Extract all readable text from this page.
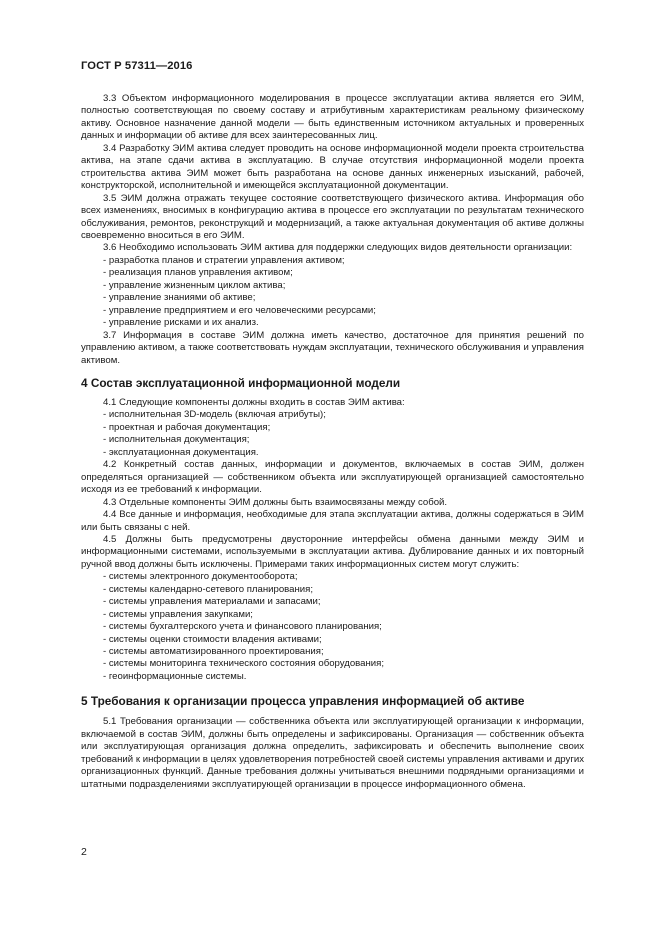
ГОСТ Р 57311—2016

3.3 Объектом информационного моделирования в процессе эксплуатации актива является его ЭИМ, полностью соответствующая по своему составу и атрибутивным характеристикам реальному физическому активу. Основное назначение данной модели — быть единственным источником актуальных и проверенных данных и информации об активе для всех заинтересованных лиц.

3.4 Разработку ЭИМ актива следует проводить на основе информационной модели проекта строительства актива, на этапе сдачи актива в эксплуатацию. В случае отсутствия информационной модели проекта строительства актива ЭИМ может быть разработана на основе данных инженерных изысканий, рабочей, конструкторской, исполнительной и имеющейся эксплуатационной документации.

3.5 ЭИМ должна отражать текущее состояние соответствующего физического актива. Информация обо всех изменениях, вносимых в конфигурацию актива в процессе его эксплуатации по результатам технического обслуживания, ремонтов, реконструкций и модернизаций, а также актуальная документация об активе должны своевременно вноситься в его ЭИМ.

3.6 Необходимо использовать ЭИМ актива для поддержки следующих видов деятельности организации:

- разработка планов и стратегии управления активом;

- реализация планов управления активом;

- управление жизненным циклом актива;

- управление знаниями об активе;

- управление предприятием и его человеческими ресурсами;

- управление рисками и их анализ.

3.7 Информация в составе ЭИМ должна иметь качество, достаточное для принятия решений по управлению активом, а также соответствовать нуждам эксплуатации, технического обслуживания и управления активом.

4 Состав эксплуатационной информационной модели

4.1 Следующие компоненты должны входить в состав ЭИМ актива:

- исполнительная 3D-модель (включая атрибуты);

- проектная и рабочая документация;

- исполнительная документация;

- эксплуатационная документация.

4.2 Конкретный состав данных, информации и документов, включаемых в состав ЭИМ, должен определяться организацией — собственником объекта или эксплуатирующей организацией самостоятельно исходя из ее требований к информации.

4.3 Отдельные компоненты ЭИМ должны быть взаимосвязаны между собой.

4.4 Все данные и информация, необходимые для этапа эксплуатации актива, должны содержаться в ЭИМ или быть связаны с ней.

4.5 Должны быть предусмотрены двусторонние интерфейсы обмена данными между ЭИМ и информационными системами, используемыми в эксплуатации актива. Дублирование данных и их повторный ручной ввод должны быть исключены. Примерами таких информационных систем могут служить:

- системы электронного документооборота;

- системы календарно-сетевого планирования;

- системы управления материалами и запасами;

- системы управления закупками;

- системы бухгалтерского учета и финансового планирования;

- системы оценки стоимости владения активами;

- системы автоматизированного проектирования;

- системы мониторинга технического состояния оборудования;

- геоинформационные системы.

5 Требования к организации процесса управления информацией об активе

5.1 Требования организации — собственника объекта или эксплуатирующей организации к информации, включаемой в состав ЭИМ, должны быть определены и зафиксированы. Организация — собственник объекта или эксплуатирующая организация должна определить, зафиксировать и обеспечить выполнение своих требований к информации в целях удовлетворения потребностей своей системы управления активами и других организационных функций. Данные требования должны учитываться внешними подрядными организациями и штатными подразделениями эксплуатирующей организации в процессе информационного обмена.

2
